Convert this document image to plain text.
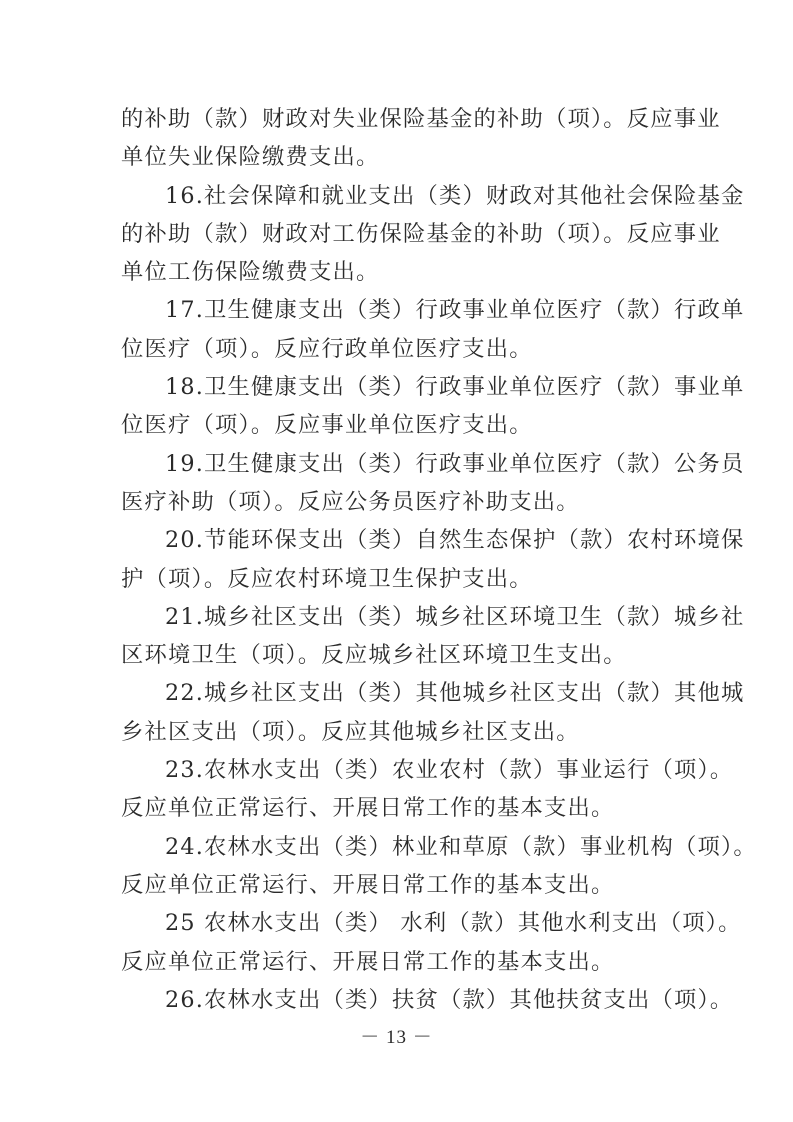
的补助（款）财政对失业保险基金的补助（项）。反应事业
单位失业保险缴费支出。
16.社会保障和就业支出（类）财政对其他社会保险基金
的补助（款）财政对工伤保险基金的补助（项）。反应事业
单位工伤保险缴费支出。
17.卫生健康支出（类）行政事业单位医疗（款）行政单
位医疗（项）。反应行政单位医疗支出。
18.卫生健康支出（类）行政事业单位医疗（款）事业单
位医疗（项）。反应事业单位医疗支出。
19.卫生健康支出（类）行政事业单位医疗（款）公务员
医疗补助（项）。反应公务员医疗补助支出。
20.节能环保支出（类）自然生态保护（款）农村环境保
护（项）。反应农村环境卫生保护支出。
21.城乡社区支出（类）城乡社区环境卫生（款）城乡社
区环境卫生（项）。反应城乡社区环境卫生支出。
22.城乡社区支出（类）其他城乡社区支出（款）其他城
乡社区支出（项）。反应其他城乡社区支出。
23.农林水支出（类）农业农村（款）事业运行（项）。
反应单位正常运行、开展日常工作的基本支出。
24.农林水支出（类）林业和草原（款）事业机构（项）。
反应单位正常运行、开展日常工作的基本支出。
25 农林水支出（类） 水利（款）其他水利支出（项）。
反应单位正常运行、开展日常工作的基本支出。
26.农林水支出（类）扶贫（款）其他扶贫支出（项）。
－ 13 －
